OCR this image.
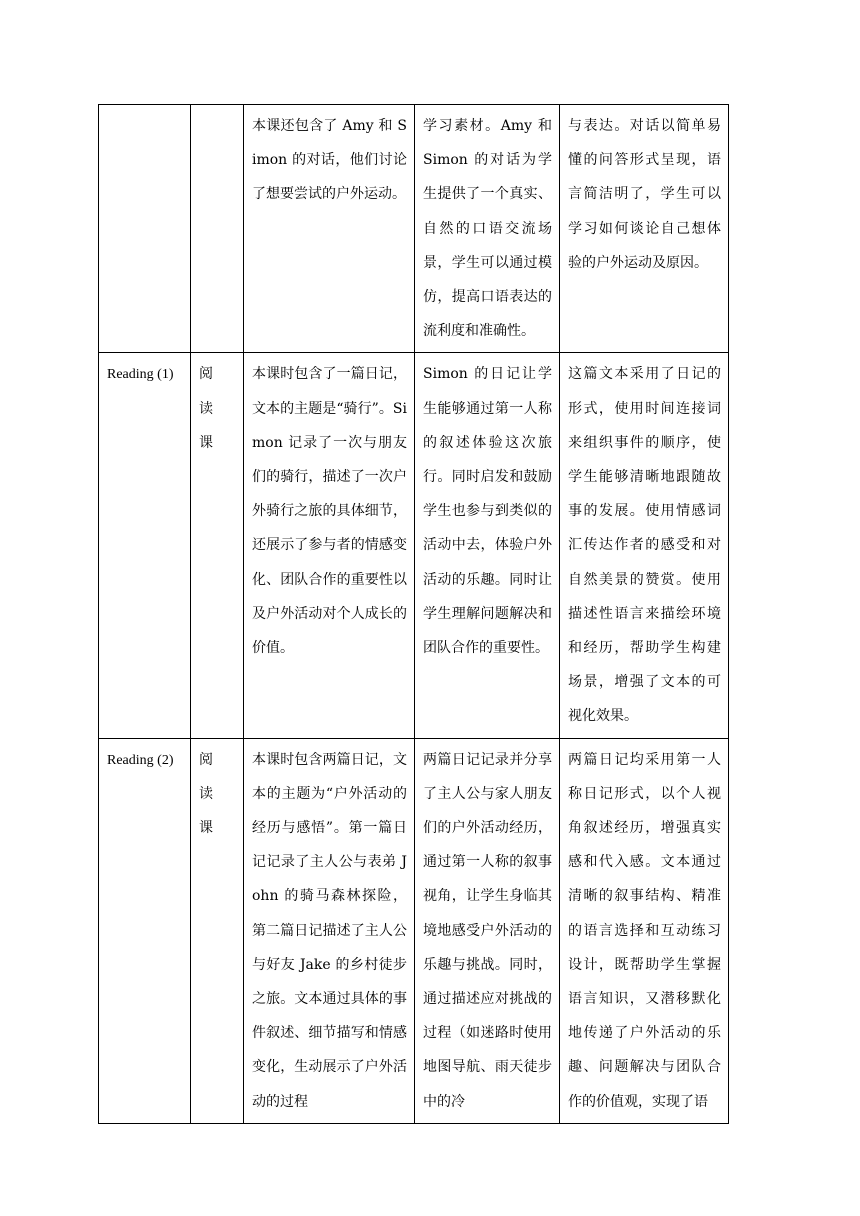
		本课还包含了 Amy 和 Simon 的对话，他们讨论了想要尝试的户外运动。	学习素材。Amy 和 Simon 的对话为学生提供了一个真实、自然的口语交流场景，学生可以通过模仿，提高口语表达的流利度和准确性。	与表达。对话以简单易懂的问答形式呈现，语言简洁明了，学生可以学习如何谈论自己想体验的户外运动及原因。
Reading (1)	阅读课	本课时包含了一篇日记，文本的主题是“骑行”。Simon 记录了一次与朋友们的骑行，描述了一次户外骑行之旅的具体细节，还展示了参与者的情感变化、团队合作的重要性以及户外活动对个人成长的价值。	Simon 的日记让学生能够通过第一人称的叙述体验这次旅行。同时启发和鼓励学生也参与到类似的活动中去，体验户外活动的乐趣。同时让学生理解问题解决和团队合作的重要性。	这篇文本采用了日记的形式，使用时间连接词来组织事件的顺序，使学生能够清晰地跟随故事的发展。使用情感词汇传达作者的感受和对自然美景的赞赏。使用描述性语言来描绘环境和经历，帮助学生构建场景，增强了文本的可视化效果。
Reading (2)	阅读课	本课时包含两篇日记，文本的主题为“户外活动的经历与感悟”。第一篇日记记录了主人公与表弟 John 的骑马森林探险，第二篇日记描述了主人公与好友 Jake 的乡村徒步之旅。文本通过具体的事件叙述、细节描写和情感变化，生动展示了户外活动的过程	两篇日记记录并分享了主人公与家人朋友们的户外活动经历，通过第一人称的叙事视角，让学生身临其境地感受户外活动的乐趣与挑战。同时，通过描述应对挑战的过程（如迷路时使用地图导航、雨天徒步中的冷	两篇日记均采用第一人称日记形式，以个人视角叙述经历，增强真实感和代入感。文本通过清晰的叙事结构、精准的语言选择和互动练习设计，既帮助学生掌握语言知识，又潜移默化地传递了户外活动的乐趣、问题解决与团队合作的价值观，实现了语
